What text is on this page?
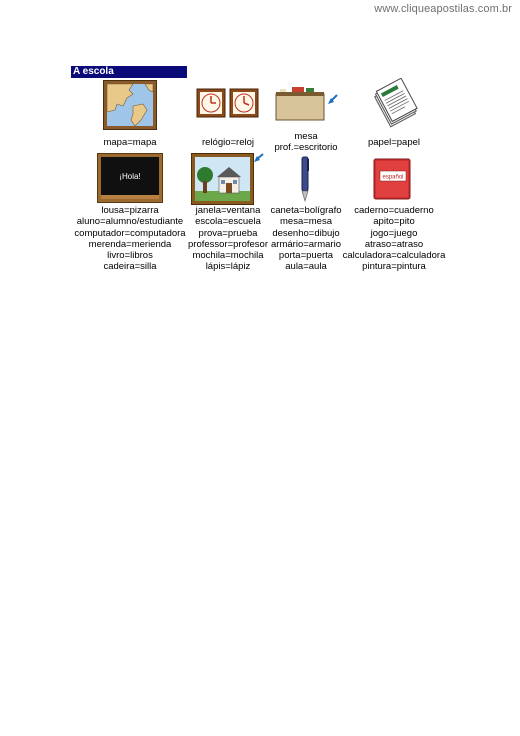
www.cliqueapostilas.com.br
A escola
mapa=mapa	relógio=reloj
mesa
prof.=escritorio	papel=papel
¡Hola!	español
lousa=pizarra
aluno=alumno/estudiante
computador=computadora
merenda=merienda
livro=libros
cadeira=silla
janela=ventana
escola=escuela
prova=prueba
professor=profesor
mochila=mochila
lápis=lápiz
caneta=bolígrafo
mesa=mesa
desenho=dibujo
armário=armario
porta=puerta
aula=aula
caderno=cuaderno
apito=pito
jogo=juego
atraso=atraso
calculadora=calculadora
pintura=pintura
